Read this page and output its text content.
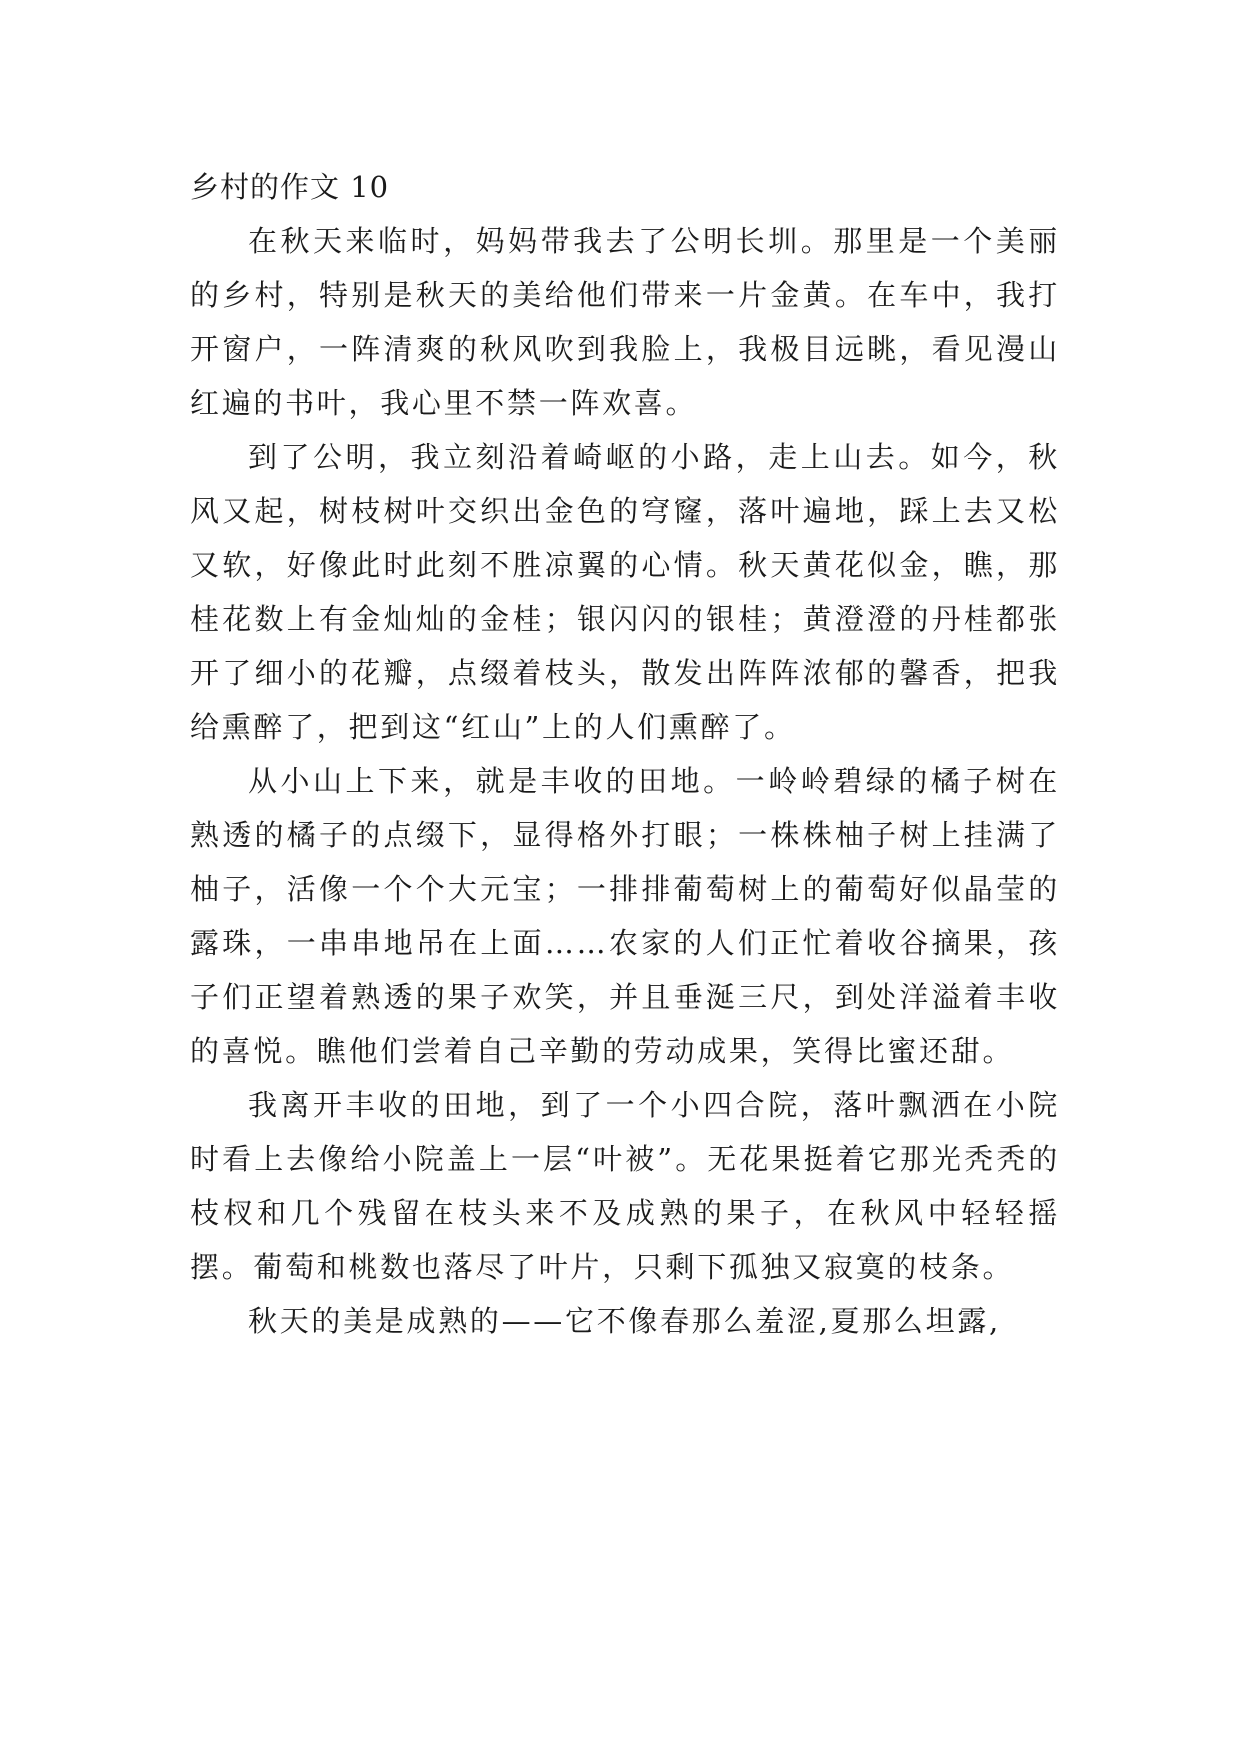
乡村的作文 10

在秋天来临时，妈妈带我去了公明长圳。那里是一个美丽的乡村，特别是秋天的美给他们带来一片金黄。在车中，我打开窗户，一阵清爽的秋风吹到我脸上，我极目远眺，看见漫山红遍的书叶，我心里不禁一阵欢喜。

到了公明，我立刻沿着崎岖的小路，走上山去。如今，秋风又起，树枝树叶交织出金色的穹窿，落叶遍地，踩上去又松又软，好像此时此刻不胜凉翼的心情。秋天黄花似金，瞧，那桂花数上有金灿灿的金桂；银闪闪的银桂；黄澄澄的丹桂都张开了细小的花瓣，点缀着枝头，散发出阵阵浓郁的馨香，把我给熏醉了，把到这“红山”上的人们熏醉了。

从小山上下来，就是丰收的田地。一岭岭碧绿的橘子树在熟透的橘子的点缀下，显得格外打眼；一株株柚子树上挂满了柚子，活像一个个大元宝；一排排葡萄树上的葡萄好似晶莹的露珠，一串串地吊在上面……农家的人们正忙着收谷摘果，孩子们正望着熟透的果子欢笑，并且垂涎三尺，到处洋溢着丰收的喜悦。瞧他们尝着自己辛勤的劳动成果，笑得比蜜还甜。

我离开丰收的田地，到了一个小四合院，落叶飘洒在小院时看上去像给小院盖上一层“叶被”。无花果挺着它那光秃秃的枝杈和几个残留在枝头来不及成熟的果子，在秋风中轻轻摇摆。葡萄和桃数也落尽了叶片，只剩下孤独又寂寞的枝条。

秋天的美是成熟的——它不像春那么羞涩,夏那么坦露,
